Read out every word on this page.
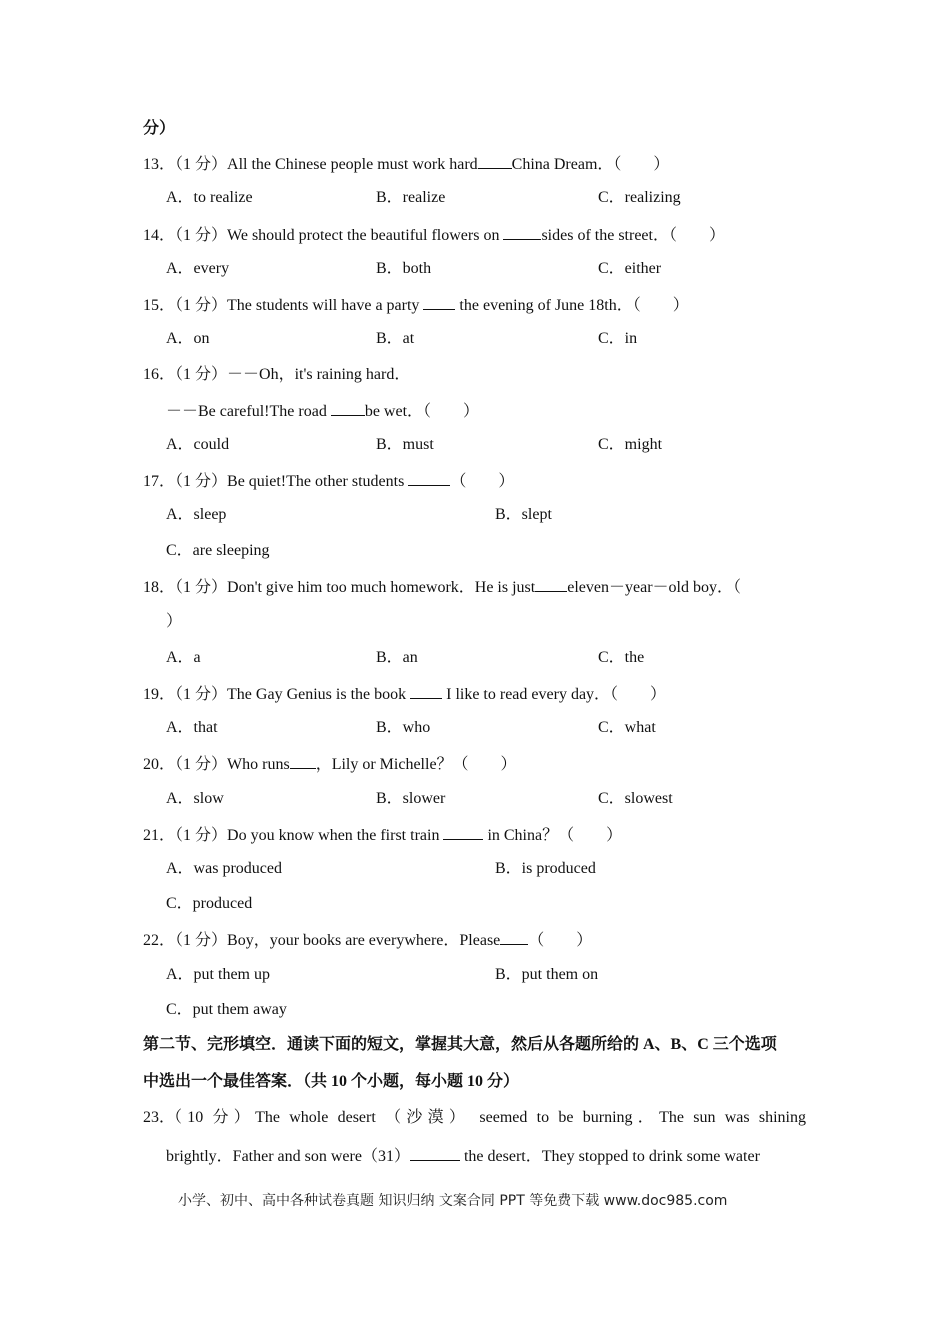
分）
13．（1 分）All the Chinese people must work hard China Dream．（　　）
A．to realize	B．realize	C．realizing
14．（1 分）We should protect the beautiful flowers on sides of the street．（　　）
A．every	B．both	C．either
15．（1 分）The students will have a party  the evening of June 18th．（　　）
A．on	B．at	C．in
16．（1 分）－－Oh，it's raining hard．
－－Be careful!The road be wet．（　　）
A．could	B．must	C．might
17．（1 分）Be quiet!The other students	（　　）
A．sleep	B．slept
C．are sleeping
18．（1 分）Don't give him too much homework．He is just eleven－year－old boy．（
）
A．a	B．an	C．the
19．（1 分）The Gay Genius is the book  I like to read every day．（　　）
A．that	B．who	C．what
20．（1 分）Who runs ，Lily or Michelle？（　　）
A．slow	B．slower	C．slowest
21．（1 分）Do you know when the first train	in China？（　　）
A．was produced	B．is produced
C．produced
22．（1 分）Boy，your books are everywhere．Please （　　）
A．put them up	B．put them on
C．put them away
第二节、完形填空．通读下面的短文，掌握其大意，然后从各题所给的 A、B、C 三个选项
中选出一个最佳答案．（共 10 个小题，每小题 10 分）
23．
（10 分）The whole desert （沙漠） seemed to be burning．The sun was shining
brightly．Father and son were（31）	the desert．They stopped to drink some water
小学、初中、高中各种试卷真题 知识归纳 文案合同 PPT 等免费下载 www.doc985.com
